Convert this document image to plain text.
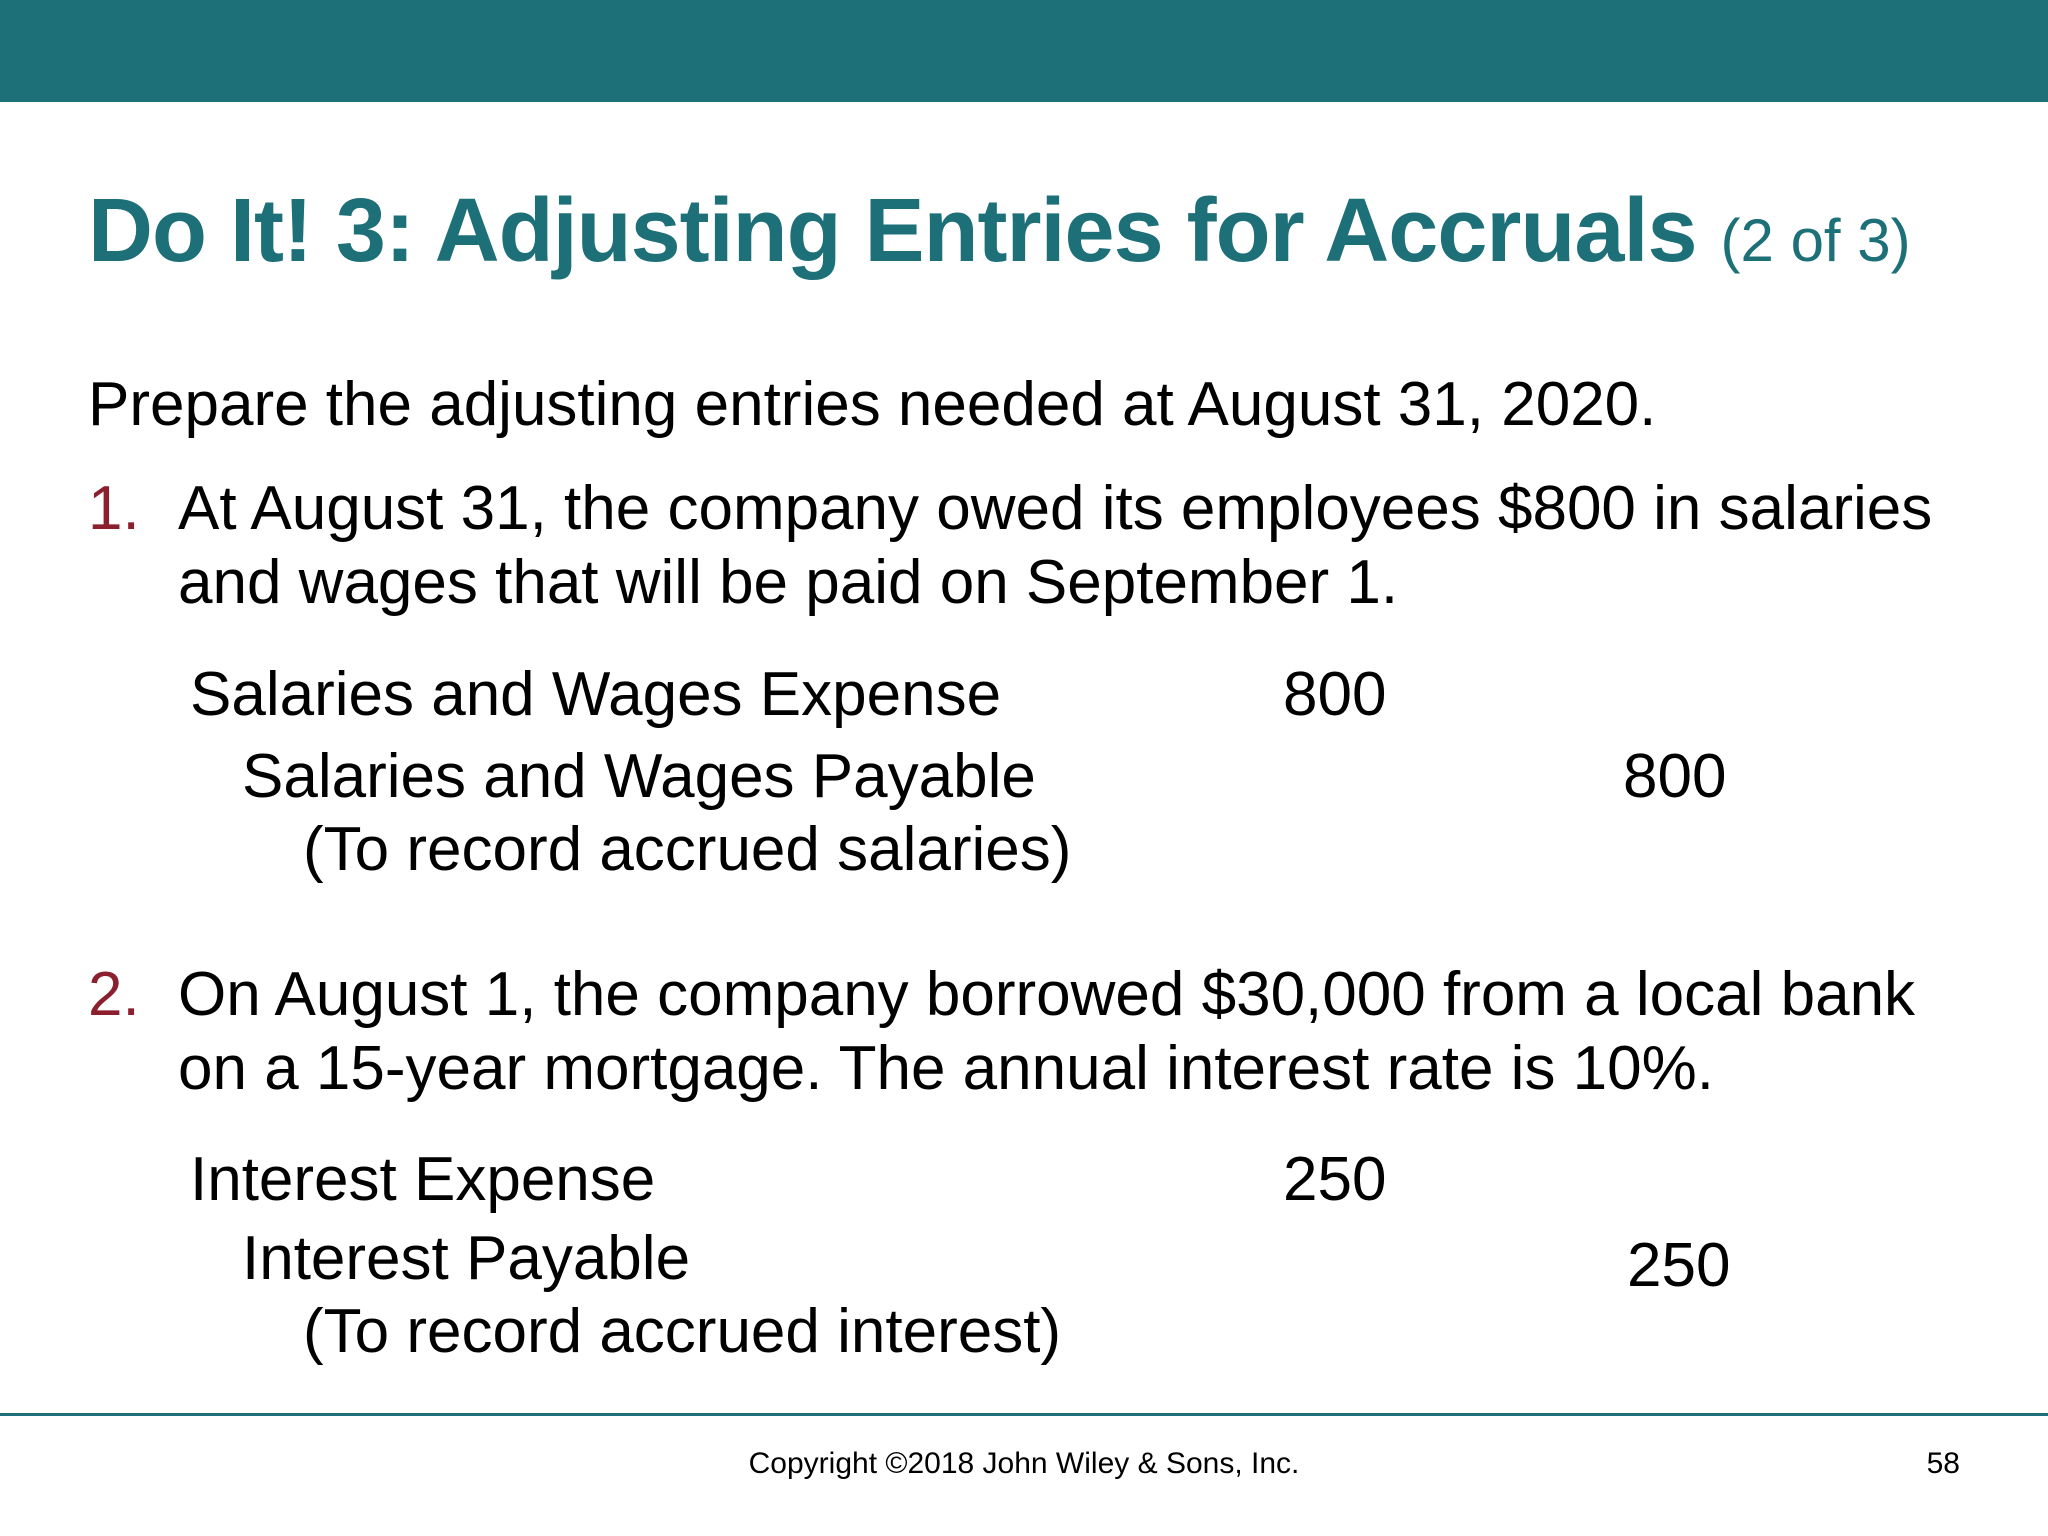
Do It! 3: Adjusting Entries for Accruals (2 of 3)
Prepare the adjusting entries needed at August 31, 2020.
1. At August 31, the company owed its employees $800 in salaries
and wages that will be paid on September 1.
Salaries and Wages Expense	800
Salaries and Wages Payable	800
(To record accrued salaries)
2. On August 1, the company borrowed $30,000 from a local bank
on a 15-year mortgage. The annual interest rate is 10%.
Interest Expense	250
Interest Payable	250
(To record accrued interest)
Copyright ©2018 John Wiley & Sons, Inc.	58
